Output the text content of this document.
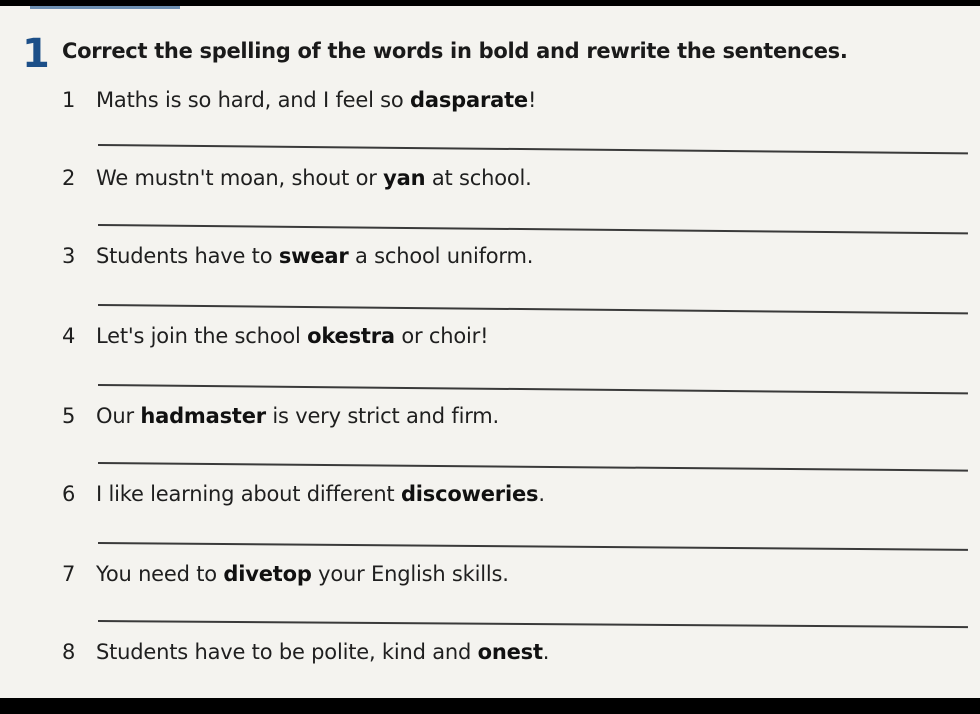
1 Correct the spelling of the words in bold and rewrite the sentences.
1 Maths is so hard, and I feel so dasparate!
2 We mustn't moan, shout or yan at school.
3 Students have to swear a school uniform.
4 Let's join the school okestra or choir!
5 Our hadmaster is very strict and firm.
6 I like learning about different discoweries.
7 You need to divetop your English skills.
8 Students have to be polite, kind and onest.
